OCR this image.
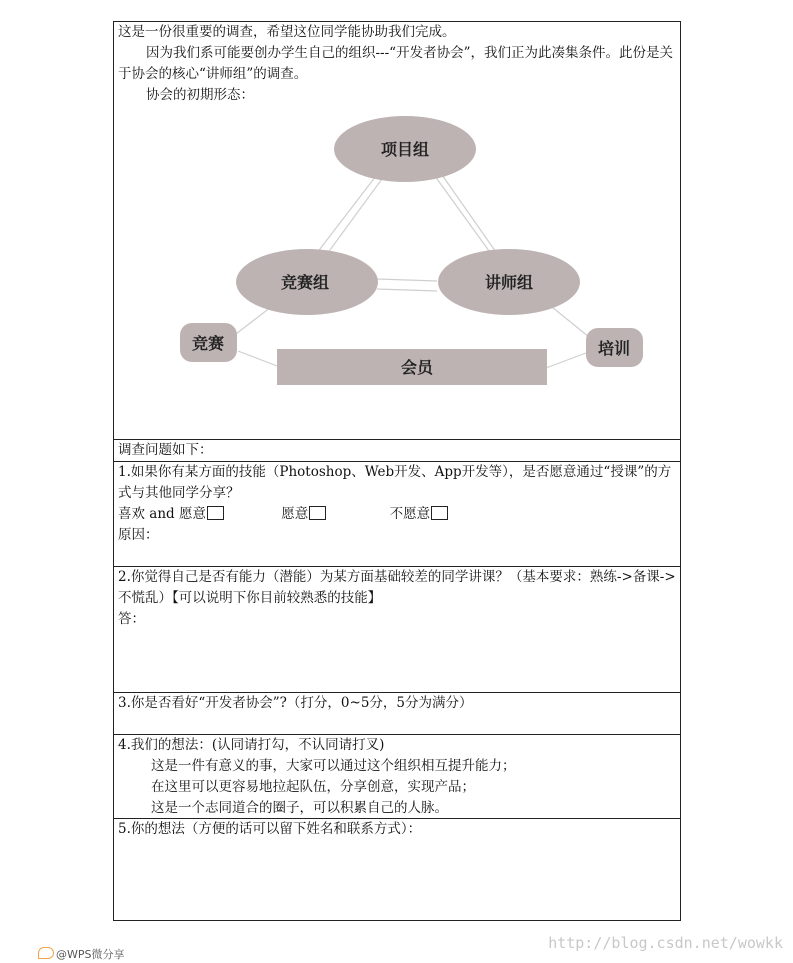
这是一份很重要的调查，希望这位同学能协助我们完成。
因为我们系可能要创办学生自己的组织---“开发者协会”，我们正为此凑集条件。此份是关于协会的核心“讲师组”的调查。
协会的初期形态：
项目组
竞赛组	讲师组
竞赛	培训
会员
调查问题如下：
1.如果你有某方面的技能（Photoshop、Web开发、App开发等），是否愿意通过“授课”的方式与其他同学分享？
喜欢 and 愿意	愿意	不愿意
原因：
2.你觉得自己是否有能力（潜能）为某方面基础较差的同学讲课？（基本要求：熟练->备课->不慌乱）【可以说明下你目前较熟悉的技能】
答：
3.你是否看好“开发者协会”?（打分，0~5分，5分为满分）
4.我们的想法：(认同请打勾，不认同请打叉)
这是一件有意义的事，大家可以通过这个组织相互提升能力；
在这里可以更容易地拉起队伍，分享创意，实现产品；
这是一个志同道合的圈子，可以积累自己的人脉。
5.你的想法（方便的话可以留下姓名和联系方式）：
@WPS微分享
http://blog.csdn.net/wowkk
